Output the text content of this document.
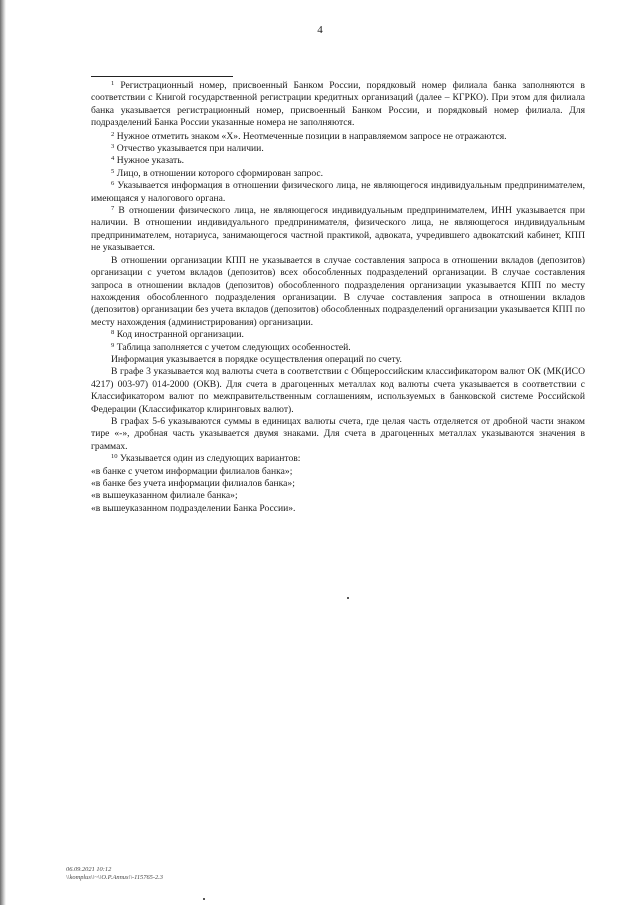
4

$^1$ Регистрационный номер, присвоенный Банком России, порядковый номер филиала банка заполняются в соответствии с Книгой государственной регистрации кредитных организаций (далее – КГРКО). При этом для филиала банка указывается регистрационный номер, присвоенный Банком России, и порядковый номер филиала. Для подразделений Банка России указанные номера не заполняются.

$^2$ Нужное отметить знаком «Х». Неотмеченные позиции в направляемом запросе не отражаются.

$^3$ Отчество указывается при наличии.

$^4$ Нужное указать.

$^5$ Лицо, в отношении которого сформирован запрос.

$^6$ Указывается информация в отношении физического лица, не являющегося индивидуальным предпринимателем, имеющаяся у налогового органа.

$^7$ В отношении физического лица, не являющегося индивидуальным предпринимателем, ИНН указывается при наличии. В отношении индивидуального предпринимателя, физического лица, не являющегося индивидуальным предпринимателем, нотариуса, занимающегося частной практикой, адвоката, учредившего адвокатский кабинет, КПП не указывается.

В отношении организации КПП не указывается в случае составления запроса в отношении вкладов (депозитов) организации с учетом вкладов (депозитов) всех обособленных подразделений организации. В случае составления запроса в отношении вкладов (депозитов) обособленного подразделения организации указывается КПП по месту нахождения обособленного подразделения организации. В случае составления запроса в отношении вкладов (депозитов) организации без учета вкладов (депозитов) обособленных подразделений организации указывается КПП по месту нахождения (администрирования) организации.

$^8$ Код иностранной организации.

$^9$ Таблица заполняется с учетом следующих особенностей.

Информация указывается в порядке осуществления операций по счету.

В графе 3 указывается код валюты счета в соответствии с Общероссийским классификатором валют ОК (МК(ИСО 4217) 003-97) 014-2000 (ОКВ). Для счета в драгоценных металлах код валюты счета указывается в соответствии с Классификатором валют по межправительственным соглашениям, используемых в банковской системе Российской Федерации (Классификатор клиринговых валют).

В графах 5-6 указываются суммы в единицах валюты счета, где целая часть отделяется от дробной части знаком тире «-», дробная часть указывается двумя знаками. Для счета в драгоценных металлах указываются значения в граммах.

$^{10}$ Указывается один из следующих вариантов:

«в банке с учетом информации филиалов банка»;

«в банке без учета информации филиалов банка»;

«в вышеуказанном филиале банка»;

«в вышеуказанном подразделении Банка России».

06.09.2021 10:12
\\komplus\\~\\О.Р.Annus\\-115765-2.3
